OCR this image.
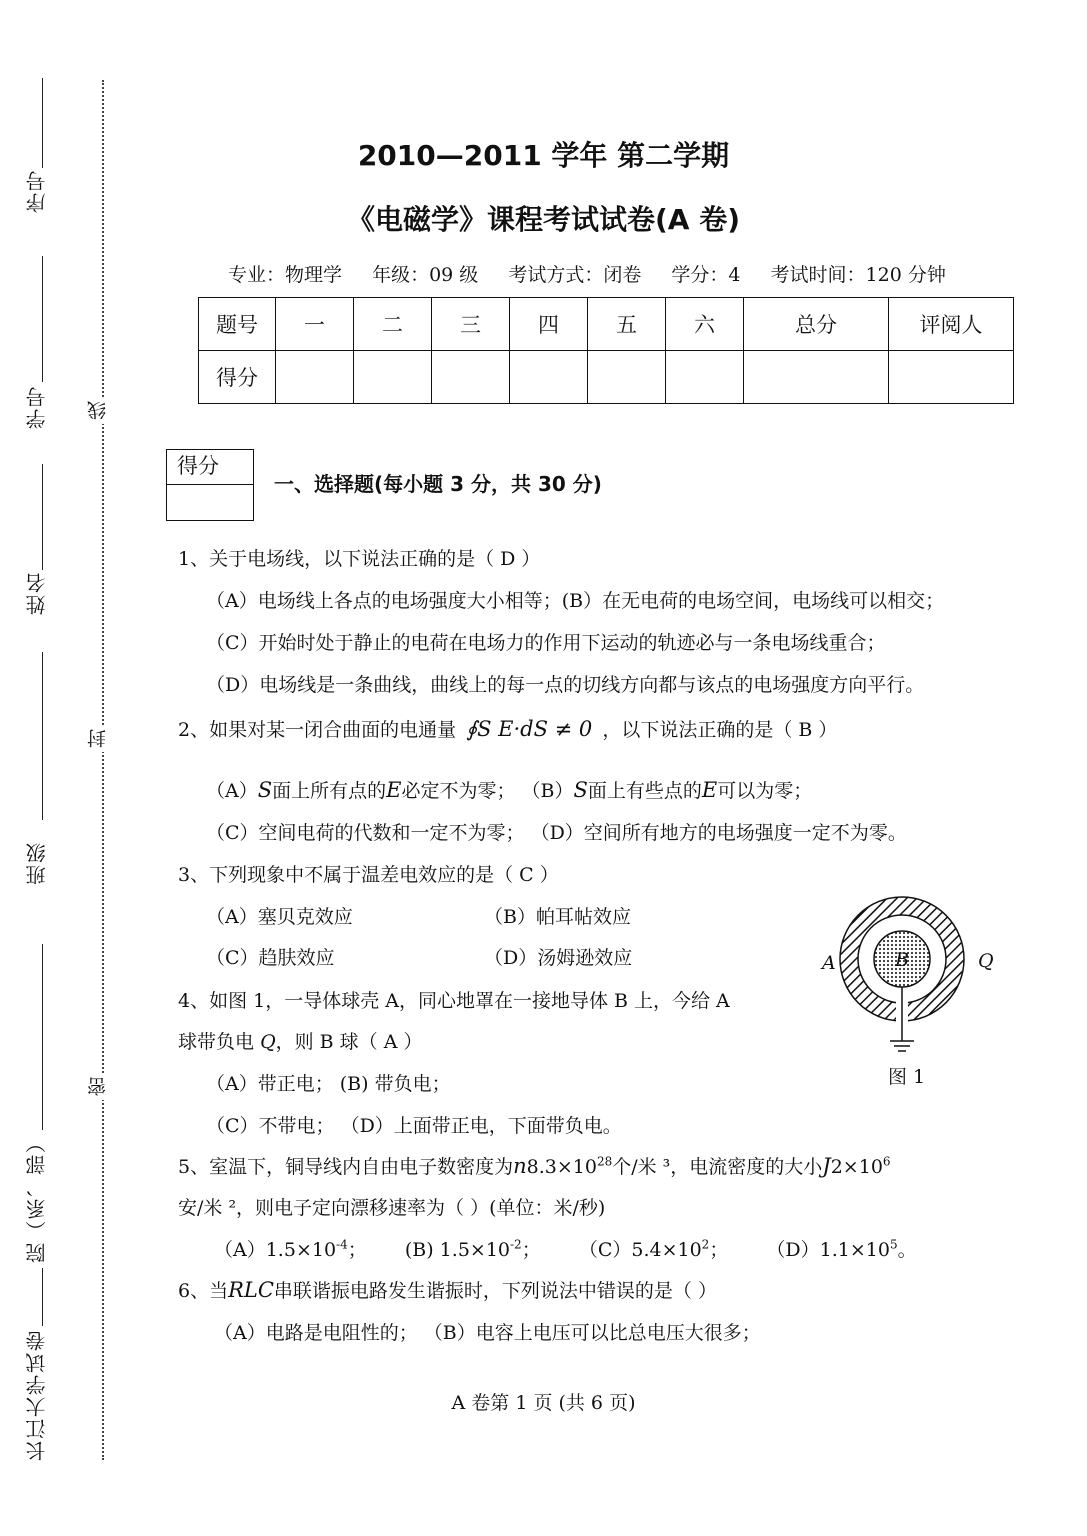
序号
学号
姓名
班级
院（系、部）
长江大学试卷
线
封
密
2010—2011 学年 第二学期
《电磁学》课程考试试卷(A 卷)
专业：物理学 年级：09 级 考试方式：闭卷 学分：4 考试时间：120 分钟
题号	一	二	三	四	五	六	总分	评阅人
得分								
得分
一、选择题(每小题 3 分，共 30 分)
1、关于电场线，以下说法正确的是（ D ）
（A）电场线上各点的电场强度大小相等；(B）在无电荷的电场空间，电场线可以相交；
（C）开始时处于静止的电荷在电场力的作用下运动的轨迹必与一条电场线重合；
（D）电场线是一条曲线，曲线上的每一点的切线方向都与该点的电场强度方向平行。
2、如果对某一闭合曲面的电通量 ∮S E·dS ≠ 0 ，以下说法正确的是（ B ）
（A）S面上所有点的E必定不为零； （B）S面上有些点的E可以为零；
（C）空间电荷的代数和一定不为零； （D）空间所有地方的电场强度一定不为零。
3、下列现象中不属于温差电效应的是（ C ）
（A）塞贝克效应	（B）帕耳帖效应
（C）趋肤效应	（D）汤姆逊效应
4、如图 1，一导体球壳 A，同心地罩在一接地导体 B 上，今给 A
球带负电 Q，则 B 球（ A ）
（A）带正电； (B) 带负电；
（C）不带电； （D）上面带正电，下面带负电。
B
A	Q
图 1
5、室温下，铜导线内自由电子数密度为$n8.3\times 10^{28}$个/米 ³，电流密度的大小$J2\times 10^6$
安/米 ²，则电子定向漂移速率为（ ）(单位：米/秒)
$(A)1.5\times 10^{-4}$； (B) $1.5\times 10^{-2}$； $(C)5.4\times 10^2$； $(D)1.1\times 10^5$。
6、当RLC串联谐振电路发生谐振时，下列说法中错误的是（ ）
（A）电路是电阻性的； （B）电容上电压可以比总电压大很多；
A 卷第 1 页 (共 6 页)
